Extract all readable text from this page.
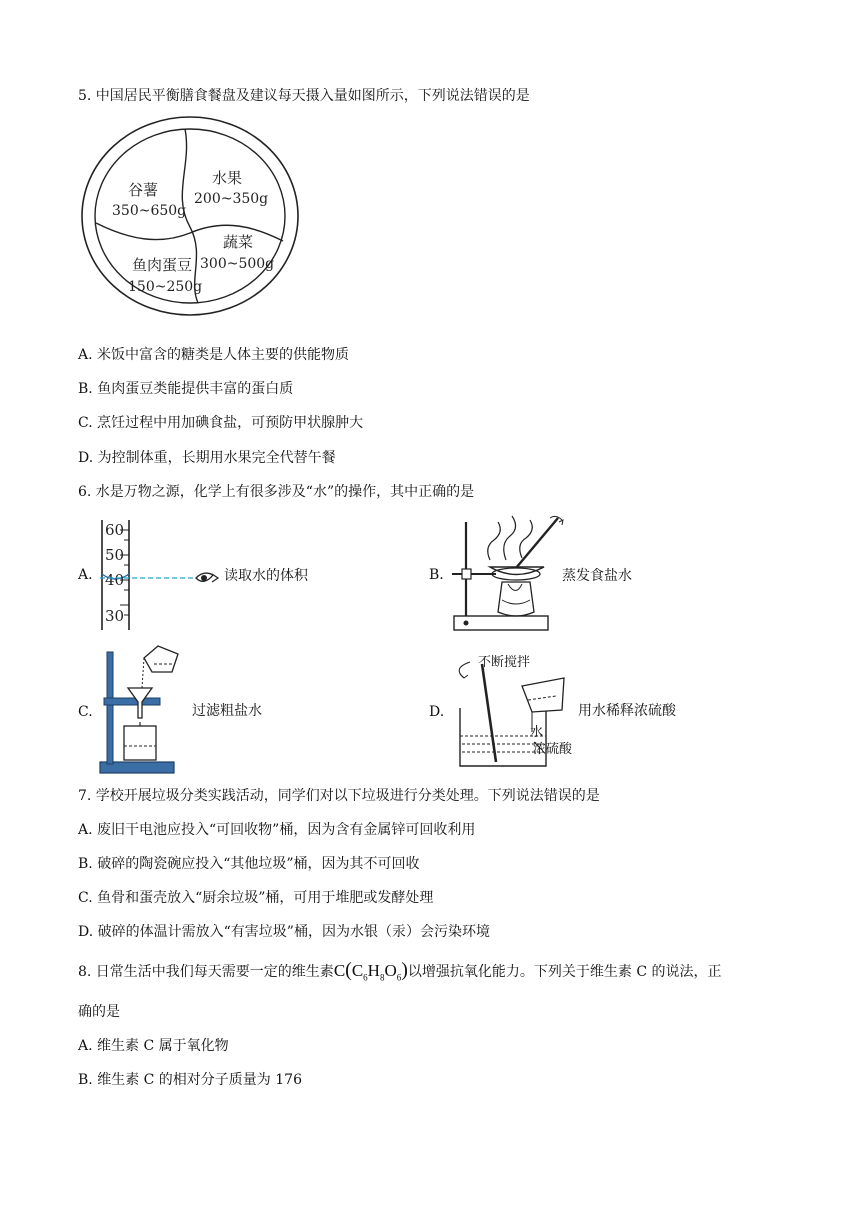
5. 中国居民平衡膳食餐盘及建议每天摄入量如图所示，下列说法错误的是
谷薯
350~650g
水果
200~350g
蔬菜
300~500g
鱼肉蛋豆
150~250g
A. 米饭中富含的糖类是人体主要的供能物质
B. 鱼肉蛋豆类能提供丰富的蛋白质
C. 烹饪过程中用加碘食盐，可预防甲状腺肿大
D. 为控制体重，长期用水果完全代替午餐
6. 水是万物之源，化学上有很多涉及“水”的操作，其中正确的是
A.
60
50
40
30
读取水的体积	B.	蒸发食盐水
C.	过滤粗盐水	D.
不断搅拌
水
浓硫酸
用水稀释浓硫酸
7. 学校开展垃圾分类实践活动，同学们对以下垃圾进行分类处理。下列说法错误的是
A. 废旧干电池应投入“可回收物”桶，因为含有金属锌可回收利用
B. 破碎的陶瓷碗应投入“其他垃圾”桶，因为其不可回收
C. 鱼骨和蛋壳放入“厨余垃圾”桶，可用于堆肥或发酵处理
D. 破碎的体温计需放入“有害垃圾”桶，因为水银（汞）会污染环境
8. 日常生活中我们每天需要一定的维生素$C(C_6H_8O_6)$以增强抗氧化能力。下列关于维生素 C 的说法，正
确的是
A. 维生素 C 属于氧化物
B. 维生素 C 的相对分子质量为 176
